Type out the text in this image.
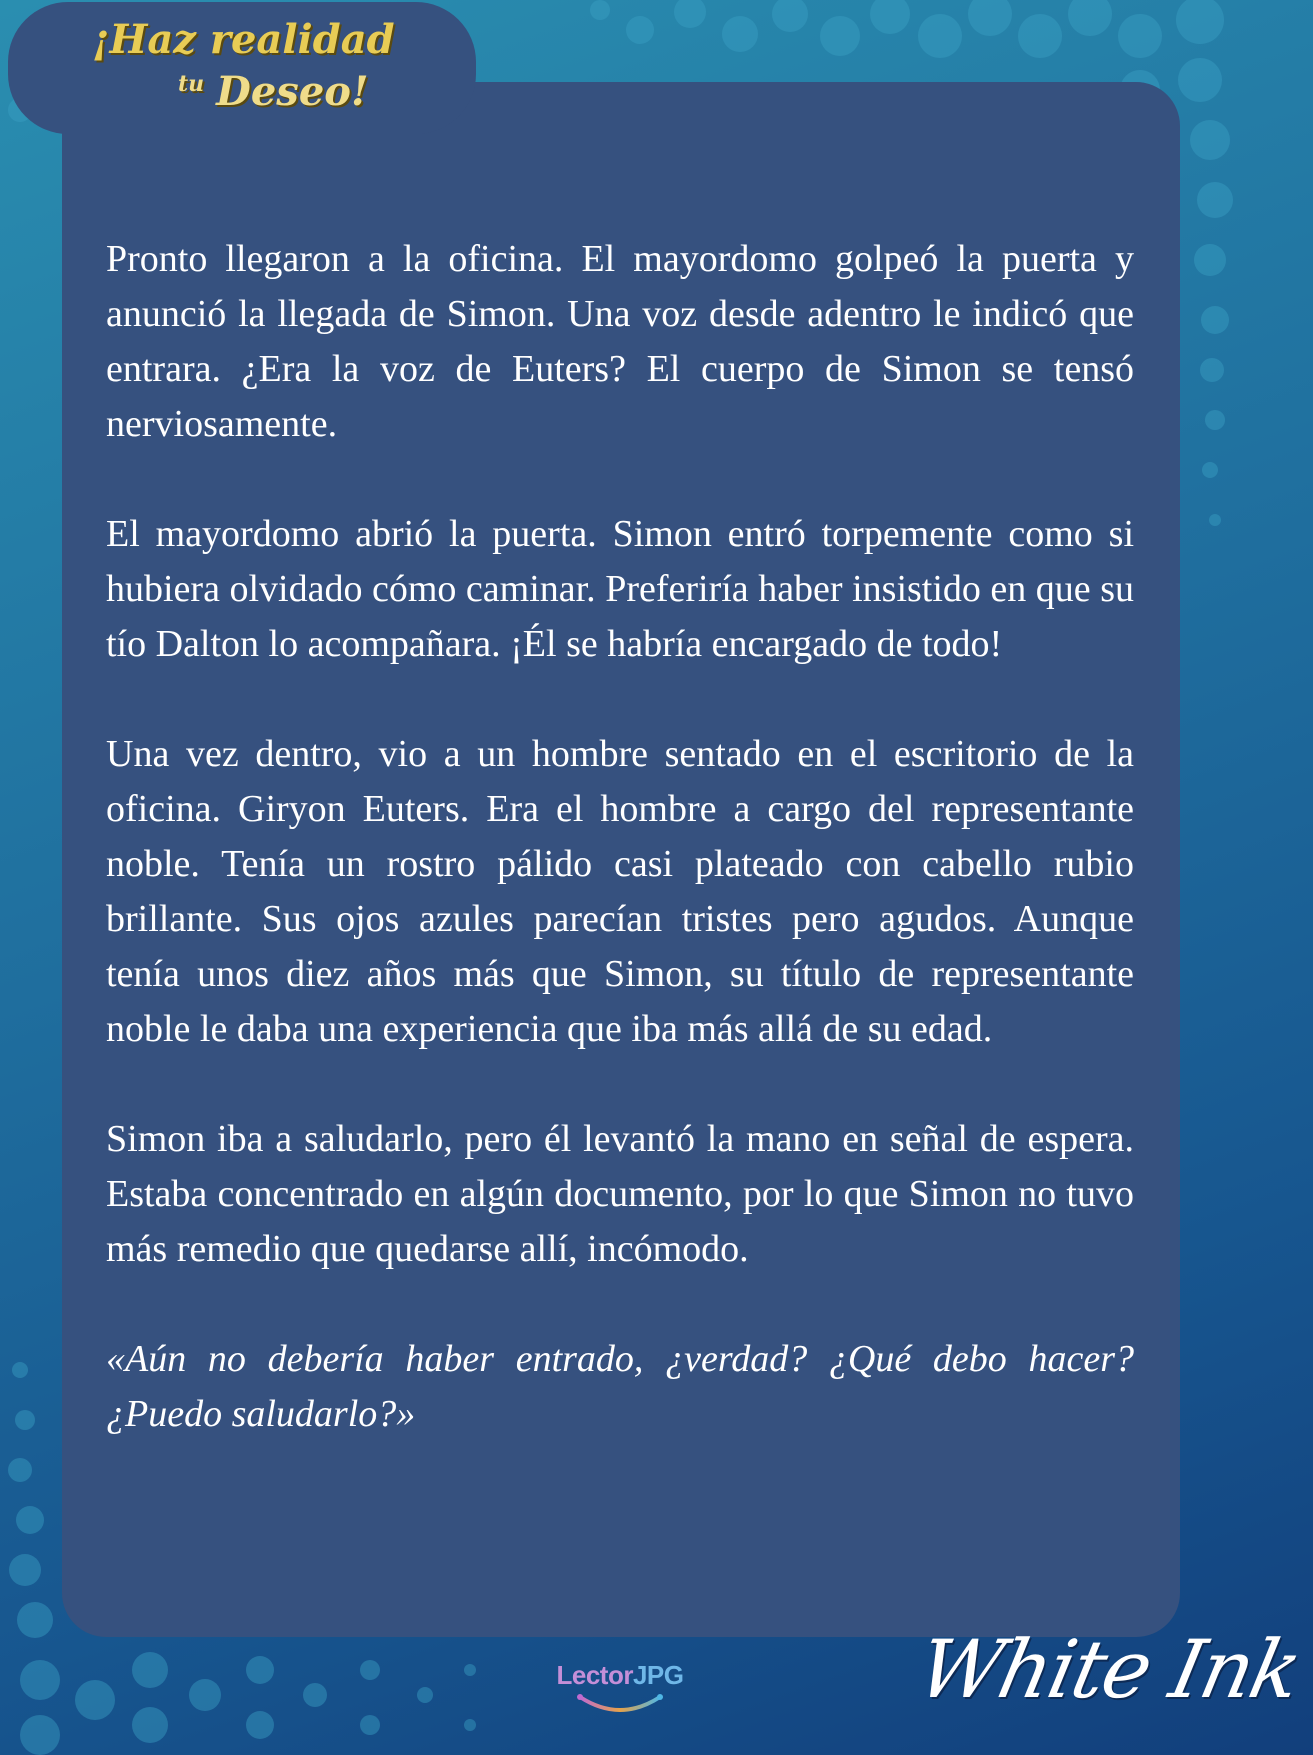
¡Haz realidad
$^{tu}$ Deseo!

Pronto llegaron a la oficina. El mayordomo golpeó la puerta y anunció la llegada de Simon. Una voz desde adentro le indicó que entrara. ¿Era la voz de Euters? El cuerpo de Simon se tensó nerviosamente.

El mayordomo abrió la puerta. Simon entró torpemente como si hubiera olvidado cómo caminar. Preferiría haber insistido en que su tío Dalton lo acompañara. ¡Él se habría encargado de todo!

Una vez dentro, vio a un hombre sentado en el escritorio de la oficina. Giryon Euters. Era el hombre a cargo del representante noble. Tenía un rostro pálido casi plateado con cabello rubio brillante. Sus ojos azules parecían tristes pero agudos. Aunque tenía unos diez años más que Simon, su título de representante noble le daba una experiencia que iba más allá de su edad.

Simon iba a saludarlo, pero él levantó la mano en señal de espera. Estaba concentrado en algún documento, por lo que Simon no tuvo más remedio que quedarse allí, incómodo.

«Aún no debería haber entrado, ¿verdad? ¿Qué debo hacer? ¿Puedo saludarlo?»

LectorJPG	White Ink
